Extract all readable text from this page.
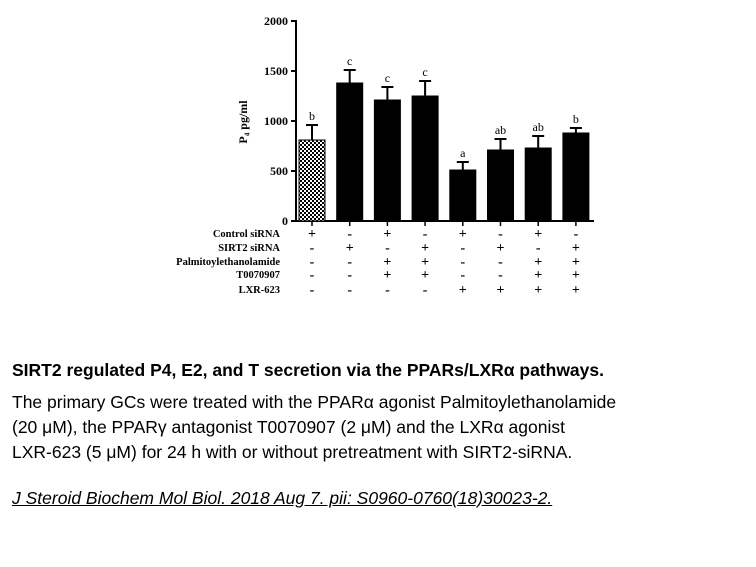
0
500
1000
1500
2000
P₄ pg/ml	b
c
c	c
a
ab ab
b
Control siRNA + - + - + - + -
SIRT2 siRNA - + - + - + - +
Palmitoylethanolamide - - + + - - + +
T0070907 - - + + - - + +
LXR-623 - - - - + + + +
SIRT2 regulated P4, E2, and T secretion via the PPARs/LXRα pathways.
The primary GCs were treated with the PPARα agonist Palmitoylethanolamide
(20 μM), the PPARγ antagonist T0070907 (2 μM) and the LXRα agonist
LXR-623 (5 μM) for 24 h with or without pretreatment with SIRT2-siRNA.
J Steroid Biochem Mol Biol. 2018 Aug 7. pii: S0960-0760(18)30023-2.
